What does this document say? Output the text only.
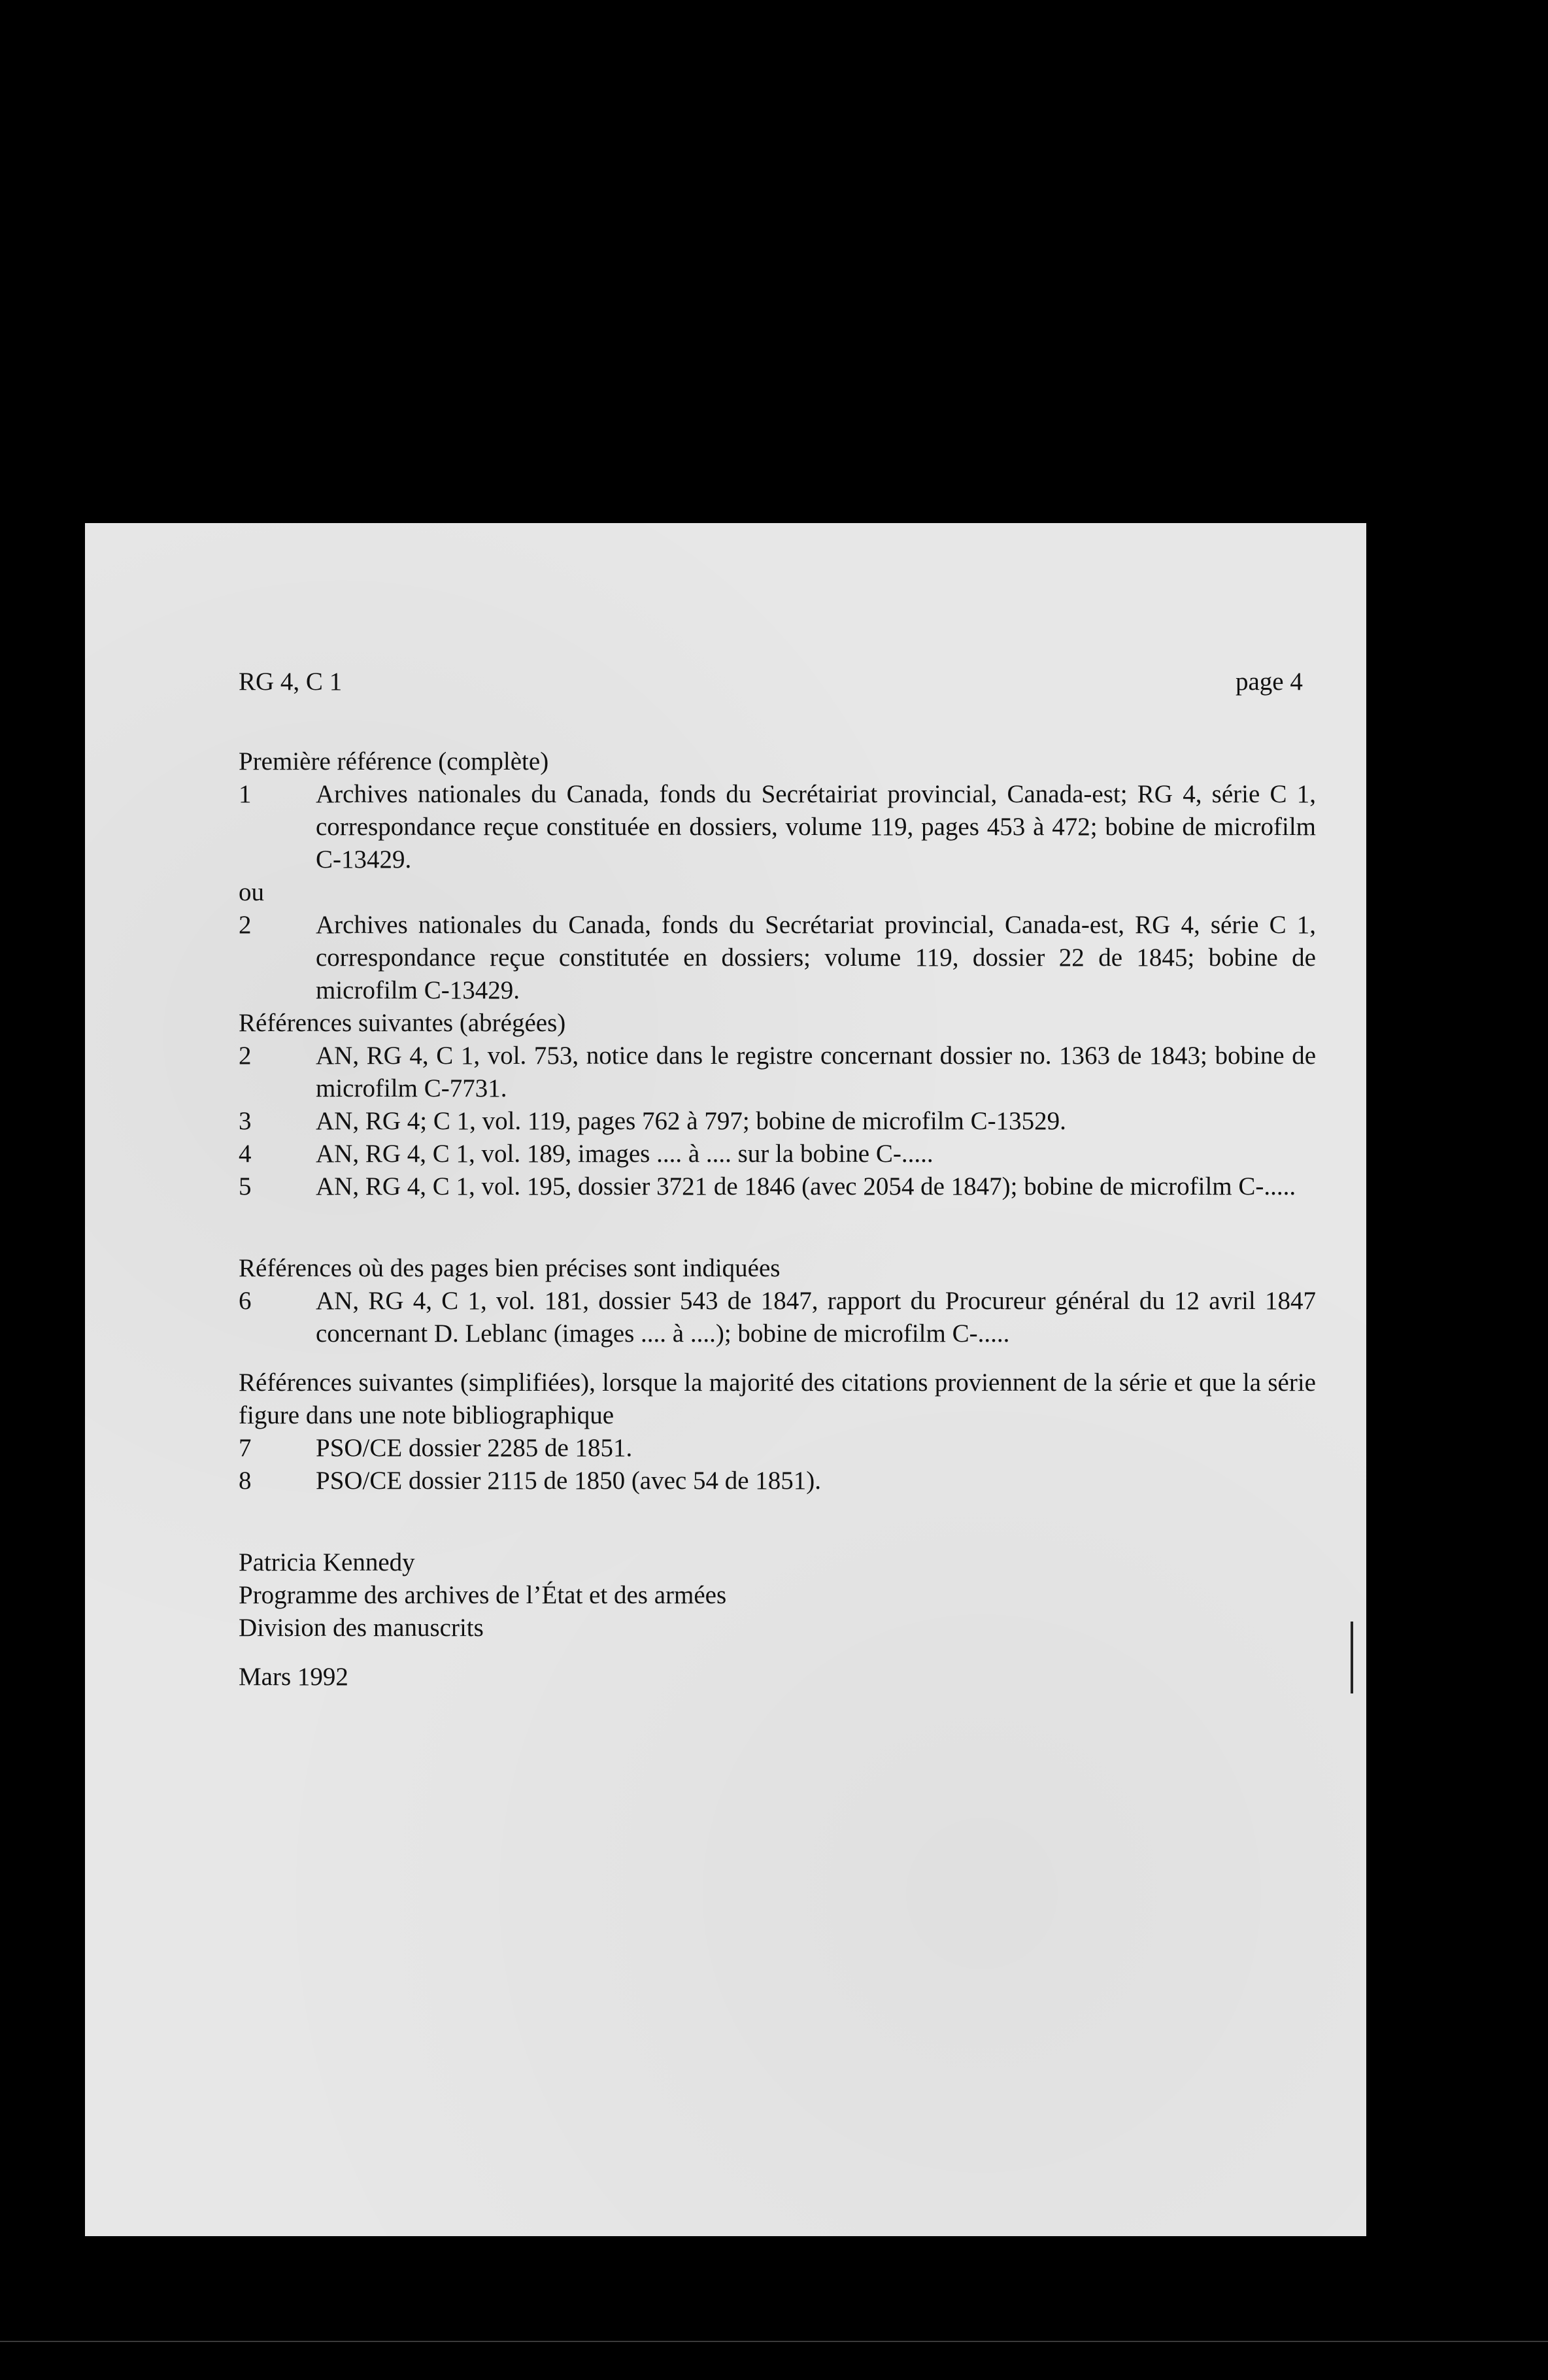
RG 4, C 1	page 4
Première référence (complète)
1	Archives nationales du Canada, fonds du Secrétairiat provincial, Canada-est; RG 4, série C 1, correspondance reçue constituée en dossiers, volume 119, pages 453 à 472; bobine de microfilm C-13429.
ou
2	Archives nationales du Canada, fonds du Secrétariat provincial, Canada-est, RG 4, série C 1, correspondance reçue constitutée en dossiers; volume 119, dossier 22 de 1845; bobine de microfilm C-13429.
Références suivantes (abrégées)
2	AN, RG 4, C 1, vol. 753, notice dans le registre concernant dossier no. 1363 de 1843; bobine de microfilm C-7731.
3	AN, RG 4; C 1, vol. 119, pages 762 à 797; bobine de microfilm C-13529.
4	AN, RG 4, C 1, vol. 189, images .... à .... sur la bobine C-.....
5	AN, RG 4, C 1, vol. 195, dossier 3721 de 1846 (avec 2054 de 1847); bobine de microfilm C-.....
Références où des pages bien précises sont indiquées
6	AN, RG 4, C 1, vol. 181, dossier 543 de 1847, rapport du Procureur général du 12 avril 1847 concernant D. Leblanc (images .... à ....); bobine de microfilm C-.....
Références suivantes (simplifiées), lorsque la majorité des citations proviennent de la série et que la série figure dans une note bibliographique
7	PSO/CE dossier 2285 de 1851.
8	PSO/CE dossier 2115 de 1850 (avec 54 de 1851).
Patricia Kennedy
Programme des archives de l’État et des armées
Division des manuscrits
Mars 1992
